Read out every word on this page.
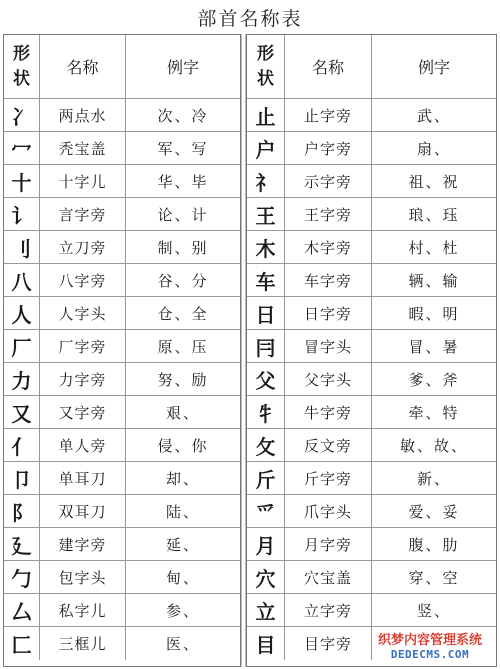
部首名称表
形
状
名称	例字
冫	两点水	次、冷
冖	秃宝盖	军、写
十	十字儿	华、毕
讠	言字旁	论、计
刂	立刀旁	制、别
八	八字旁	谷、分
人	人字头	仓、全
厂	厂字旁	原、压
力	力字旁	努、励
又	又字旁	艰、
亻	单人旁	侵、你
卩	单耳刀	却、
阝	双耳刀	陆、
廴	建字旁	延、
勹	包字头	甸、
厶	私字儿	参、
匚	三框儿	医、
形
状
名称	例字
止	止字旁	武、
户	户字旁	扇、
礻	示字旁	祖、祝
王	王字旁	琅、珏
木	木字旁	村、杜
车	车字旁	辆、输
日	日字旁	暇、明
冃	冒字头	冒、暑
父	父字头	爹、斧
牜	牛字旁	牵、特
攵	反文旁	敏、故、
斤	斤字旁	新、
爫	爪字头	爱、妥
月	月字旁	腹、肋
穴	穴宝盖	穿、空
立	立字旁	竖、
目	目字旁	织梦内容管理系统
DEDECMS.COM
